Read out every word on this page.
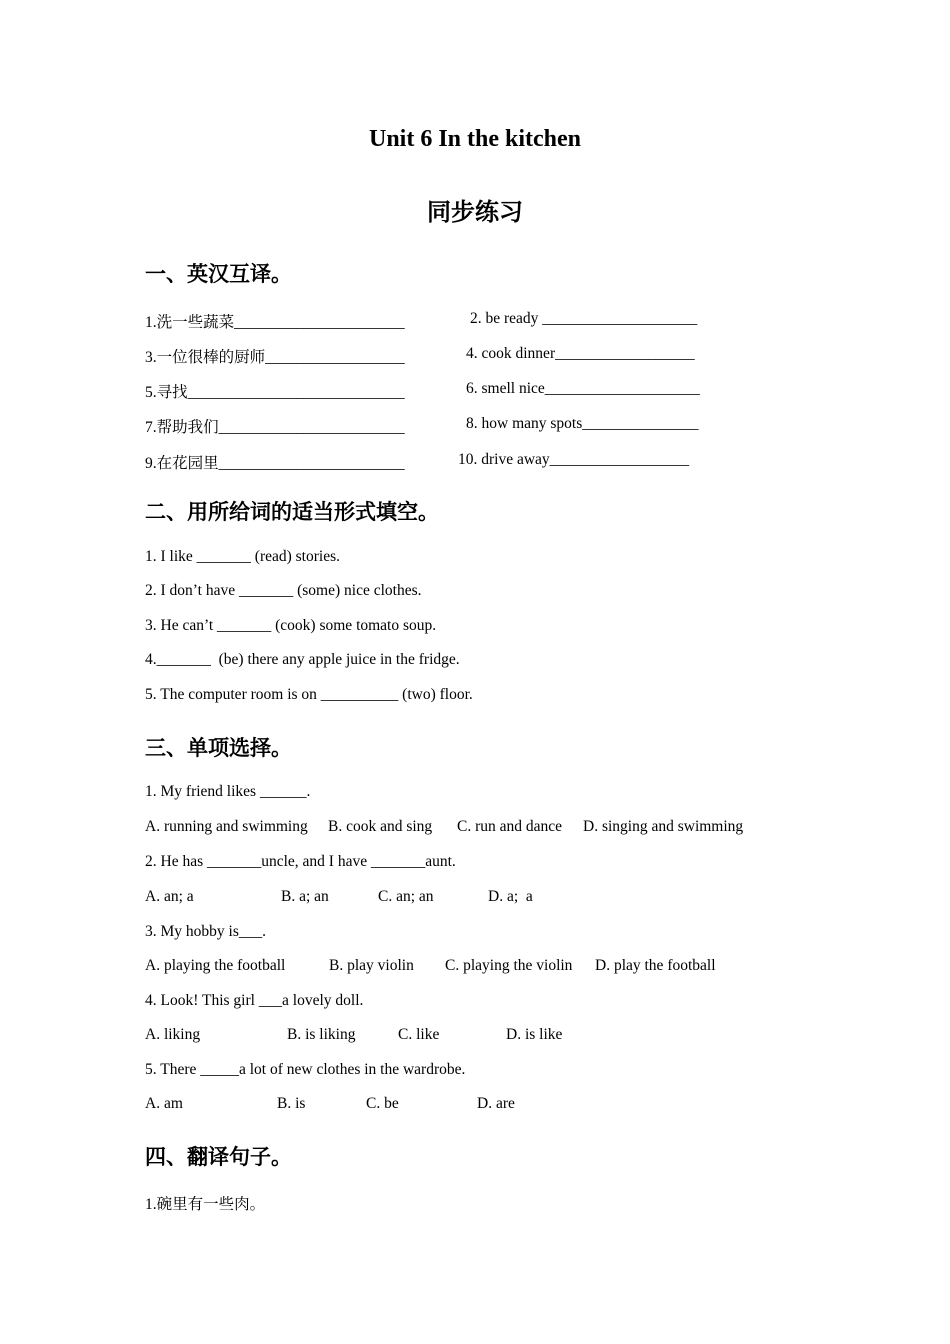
Unit 6 In the kitchen
同步练习
一、英汉互译。
1.洗一些蔬菜______________________	2. be ready ____________________
3.一位很棒的厨师__________________	4. cook dinner__________________
5.寻找____________________________	6. smell nice____________________
7.帮助我们________________________	8. how many spots_______________
9.在花园里________________________	10. drive away__________________
二、用所给词的适当形式填空。
1. I like _______ (read) stories.
2. I don’t have _______ (some) nice clothes.
3. He can’t _______ (cook) some tomato soup.
4._______  (be) there any apple juice in the fridge.
5. The computer room is on __________ (two) floor.
三、单项选择。
1. My friend likes ______.
A. running and swimming B. cook and sing C. run and dance D. singing and swimming
2. He has _______uncle, and I have _______aunt.
A. an; a	B. a; an	C. an; an	D. a;  a
3. My hobby is___.
A. playing the football	B. play violin C. playing the violin D. play the football
4. Look! This girl ___a lovely doll.
A. liking	B. is liking	C. like	D. is like
5. There _____a lot of new clothes in the wardrobe.
A. am	B. is	C. be	D. are
四、翻译句子。
1.碗里有一些肉。
